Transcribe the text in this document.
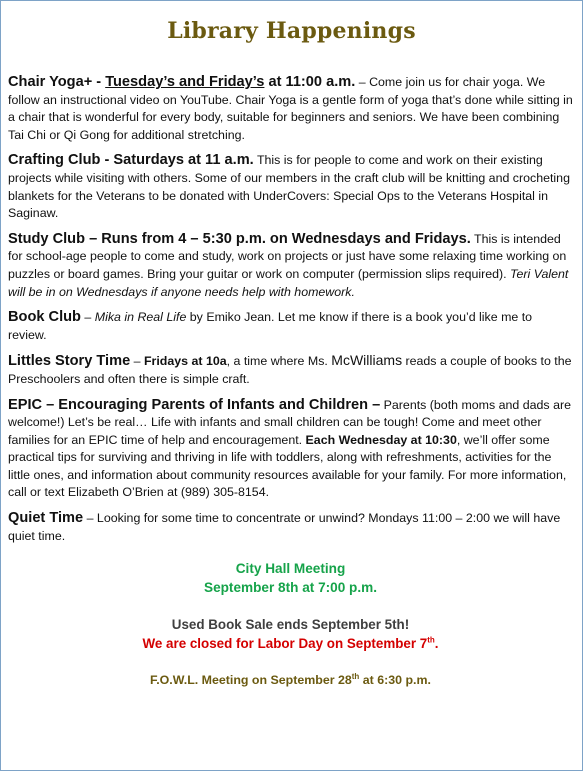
Library Happenings

Chair Yoga+ - Tuesday’s and Friday’s at 11:00 a.m. – Come join us for chair yoga. We follow an instructional video on YouTube. Chair Yoga is a gentle form of yoga that’s done while sitting in a chair that is wonderful for every body, suitable for beginners and seniors. We have been combining Tai Chi or Qi Gong for additional stretching.

Crafting Club - Saturdays at 11 a.m. This is for people to come and work on their existing projects while visiting with others. Some of our members in the craft club will be knitting and crocheting blankets for the Veterans to be donated with UnderCovers: Special Ops to the Veterans Hospital in Saginaw.

Study Club – Runs from 4 – 5:30 p.m. on Wednesdays and Fridays. This is intended for school-age people to come and study, work on projects or just have some relaxing time working on puzzles or board games. Bring your guitar or work on computer (permission slips required). Teri Valent will be in on Wednesdays if anyone needs help with homework.

Book Club – Mika in Real Life by Emiko Jean. Let me know if there is a book you’d like me to review.

Littles Story Time – Fridays at 10a, a time where Ms. McWilliams reads a couple of books to the Preschoolers and often there is simple craft.

EPIC – Encouraging Parents of Infants and Children – Parents (both moms and dads are welcome!) Let’s be real… Life with infants and small children can be tough! Come and meet other families for an EPIC time of help and encouragement. Each Wednesday at 10:30, we’ll offer some practical tips for surviving and thriving in life with toddlers, along with refreshments, activities for the little ones, and information about community resources available for your family. For more information, call or text Elizabeth O’Brien at (989) 305-8154.

Quiet Time – Looking for some time to concentrate or unwind? Mondays 11:00 – 2:00 we will have quiet time.

City Hall Meeting
September 8th at 7:00 p.m.
Used Book Sale ends September 5th!
We are closed for Labor Day on September 7th.
F.O.W.L. Meeting on September 28th at 6:30 p.m.
